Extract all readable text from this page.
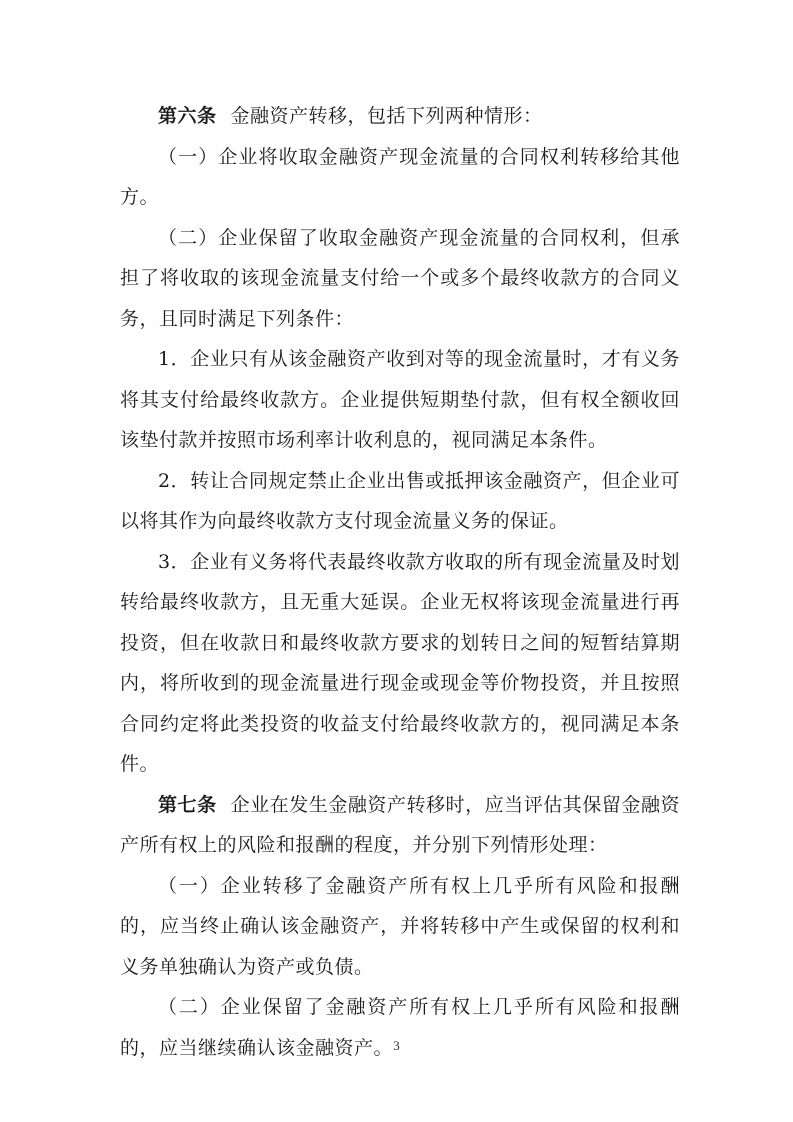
第六条 金融资产转移，包括下列两种情形：

（一）企业将收取金融资产现金流量的合同权利转移给其他方。

（二）企业保留了收取金融资产现金流量的合同权利，但承担了将收取的该现金流量支付给一个或多个最终收款方的合同义务，且同时满足下列条件：

1．企业只有从该金融资产收到对等的现金流量时，才有义务将其支付给最终收款方。企业提供短期垫付款，但有权全额收回该垫付款并按照市场利率计收利息的，视同满足本条件。

2．转让合同规定禁止企业出售或抵押该金融资产，但企业可以将其作为向最终收款方支付现金流量义务的保证。

3．企业有义务将代表最终收款方收取的所有现金流量及时划转给最终收款方，且无重大延误。企业无权将该现金流量进行再投资，但在收款日和最终收款方要求的划转日之间的短暂结算期内，将所收到的现金流量进行现金或现金等价物投资，并且按照合同约定将此类投资的收益支付给最终收款方的，视同满足本条件。

第七条 企业在发生金融资产转移时，应当评估其保留金融资产所有权上的风险和报酬的程度，并分别下列情形处理：

（一）企业转移了金融资产所有权上几乎所有风险和报酬的，应当终止确认该金融资产，并将转移中产生或保留的权利和义务单独确认为资产或负债。

（二）企业保留了金融资产所有权上几乎所有风险和报酬的，应当继续确认该金融资产。 3
